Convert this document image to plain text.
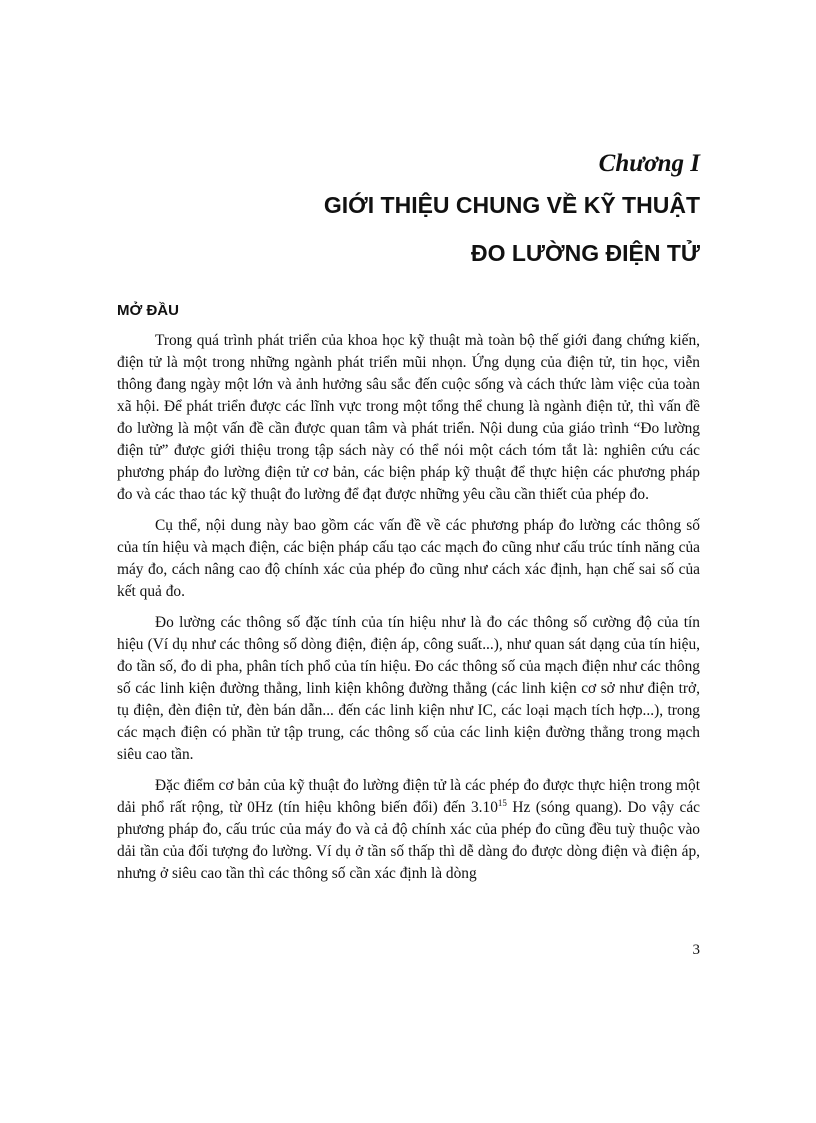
Chương I
GIỚI THIỆU CHUNG VỀ KỸ THUẬT
ĐO LƯỜNG ĐIỆN TỬ
MỞ ĐẦU

Trong quá trình phát triển của khoa học kỹ thuật mà toàn bộ thế giới đang chứng kiến, điện tử là một trong những ngành phát triển mũi nhọn. Ứng dụng của điện tử, tin học, viễn thông đang ngày một lớn và ảnh hưởng sâu sắc đến cuộc sống và cách thức làm việc của toàn xã hội. Để phát triển được các lĩnh vực trong một tổng thể chung là ngành điện tử, thì vấn đề đo lường là một vấn đề cần được quan tâm và phát triển. Nội dung của giáo trình “Đo lường điện tử” được giới thiệu trong tập sách này có thể nói một cách tóm tắt là: nghiên cứu các phương pháp đo lường điện tử cơ bản, các biện pháp kỹ thuật để thực hiện các phương pháp đo và các thao tác kỹ thuật đo lường để đạt được những yêu cầu cần thiết của phép đo.

Cụ thể, nội dung này bao gồm các vấn đề về các phương pháp đo lường các thông số của tín hiệu và mạch điện, các biện pháp cấu tạo các mạch đo cũng như cấu trúc tính năng của máy đo, cách nâng cao độ chính xác của phép đo cũng như cách xác định, hạn chế sai số của kết quả đo.

Đo lường các thông số đặc tính của tín hiệu như là đo các thông số cường độ của tín hiệu (Ví dụ như các thông số dòng điện, điện áp, công suất...), như quan sát dạng của tín hiệu, đo tần số, đo di pha, phân tích phổ của tín hiệu. Đo các thông số của mạch điện như các thông số các linh kiện đường thẳng, linh kiện không đường thẳng (các linh kiện cơ sở như điện trở, tụ điện, đèn điện tử, đèn bán dẫn... đến các linh kiện như IC, các loại mạch tích hợp...), trong các mạch điện có phần tử tập trung, các thông số của các linh kiện đường thẳng trong mạch siêu cao tần.

Đặc điểm cơ bản của kỹ thuật đo lường điện tử là các phép đo được thực hiện trong một dải phổ rất rộng, từ 0Hz (tín hiệu không biến đổi) đến 3.10$^{15}$ Hz (sóng quang). Do vậy các phương pháp đo, cấu trúc của máy đo và cả độ chính xác của phép đo cũng đều tuỳ thuộc vào dải tần của đối tượng đo lường. Ví dụ ở tần số thấp thì dễ dàng đo được dòng điện và điện áp, nhưng ở siêu cao tần thì các thông số cần xác định là dòng

3
